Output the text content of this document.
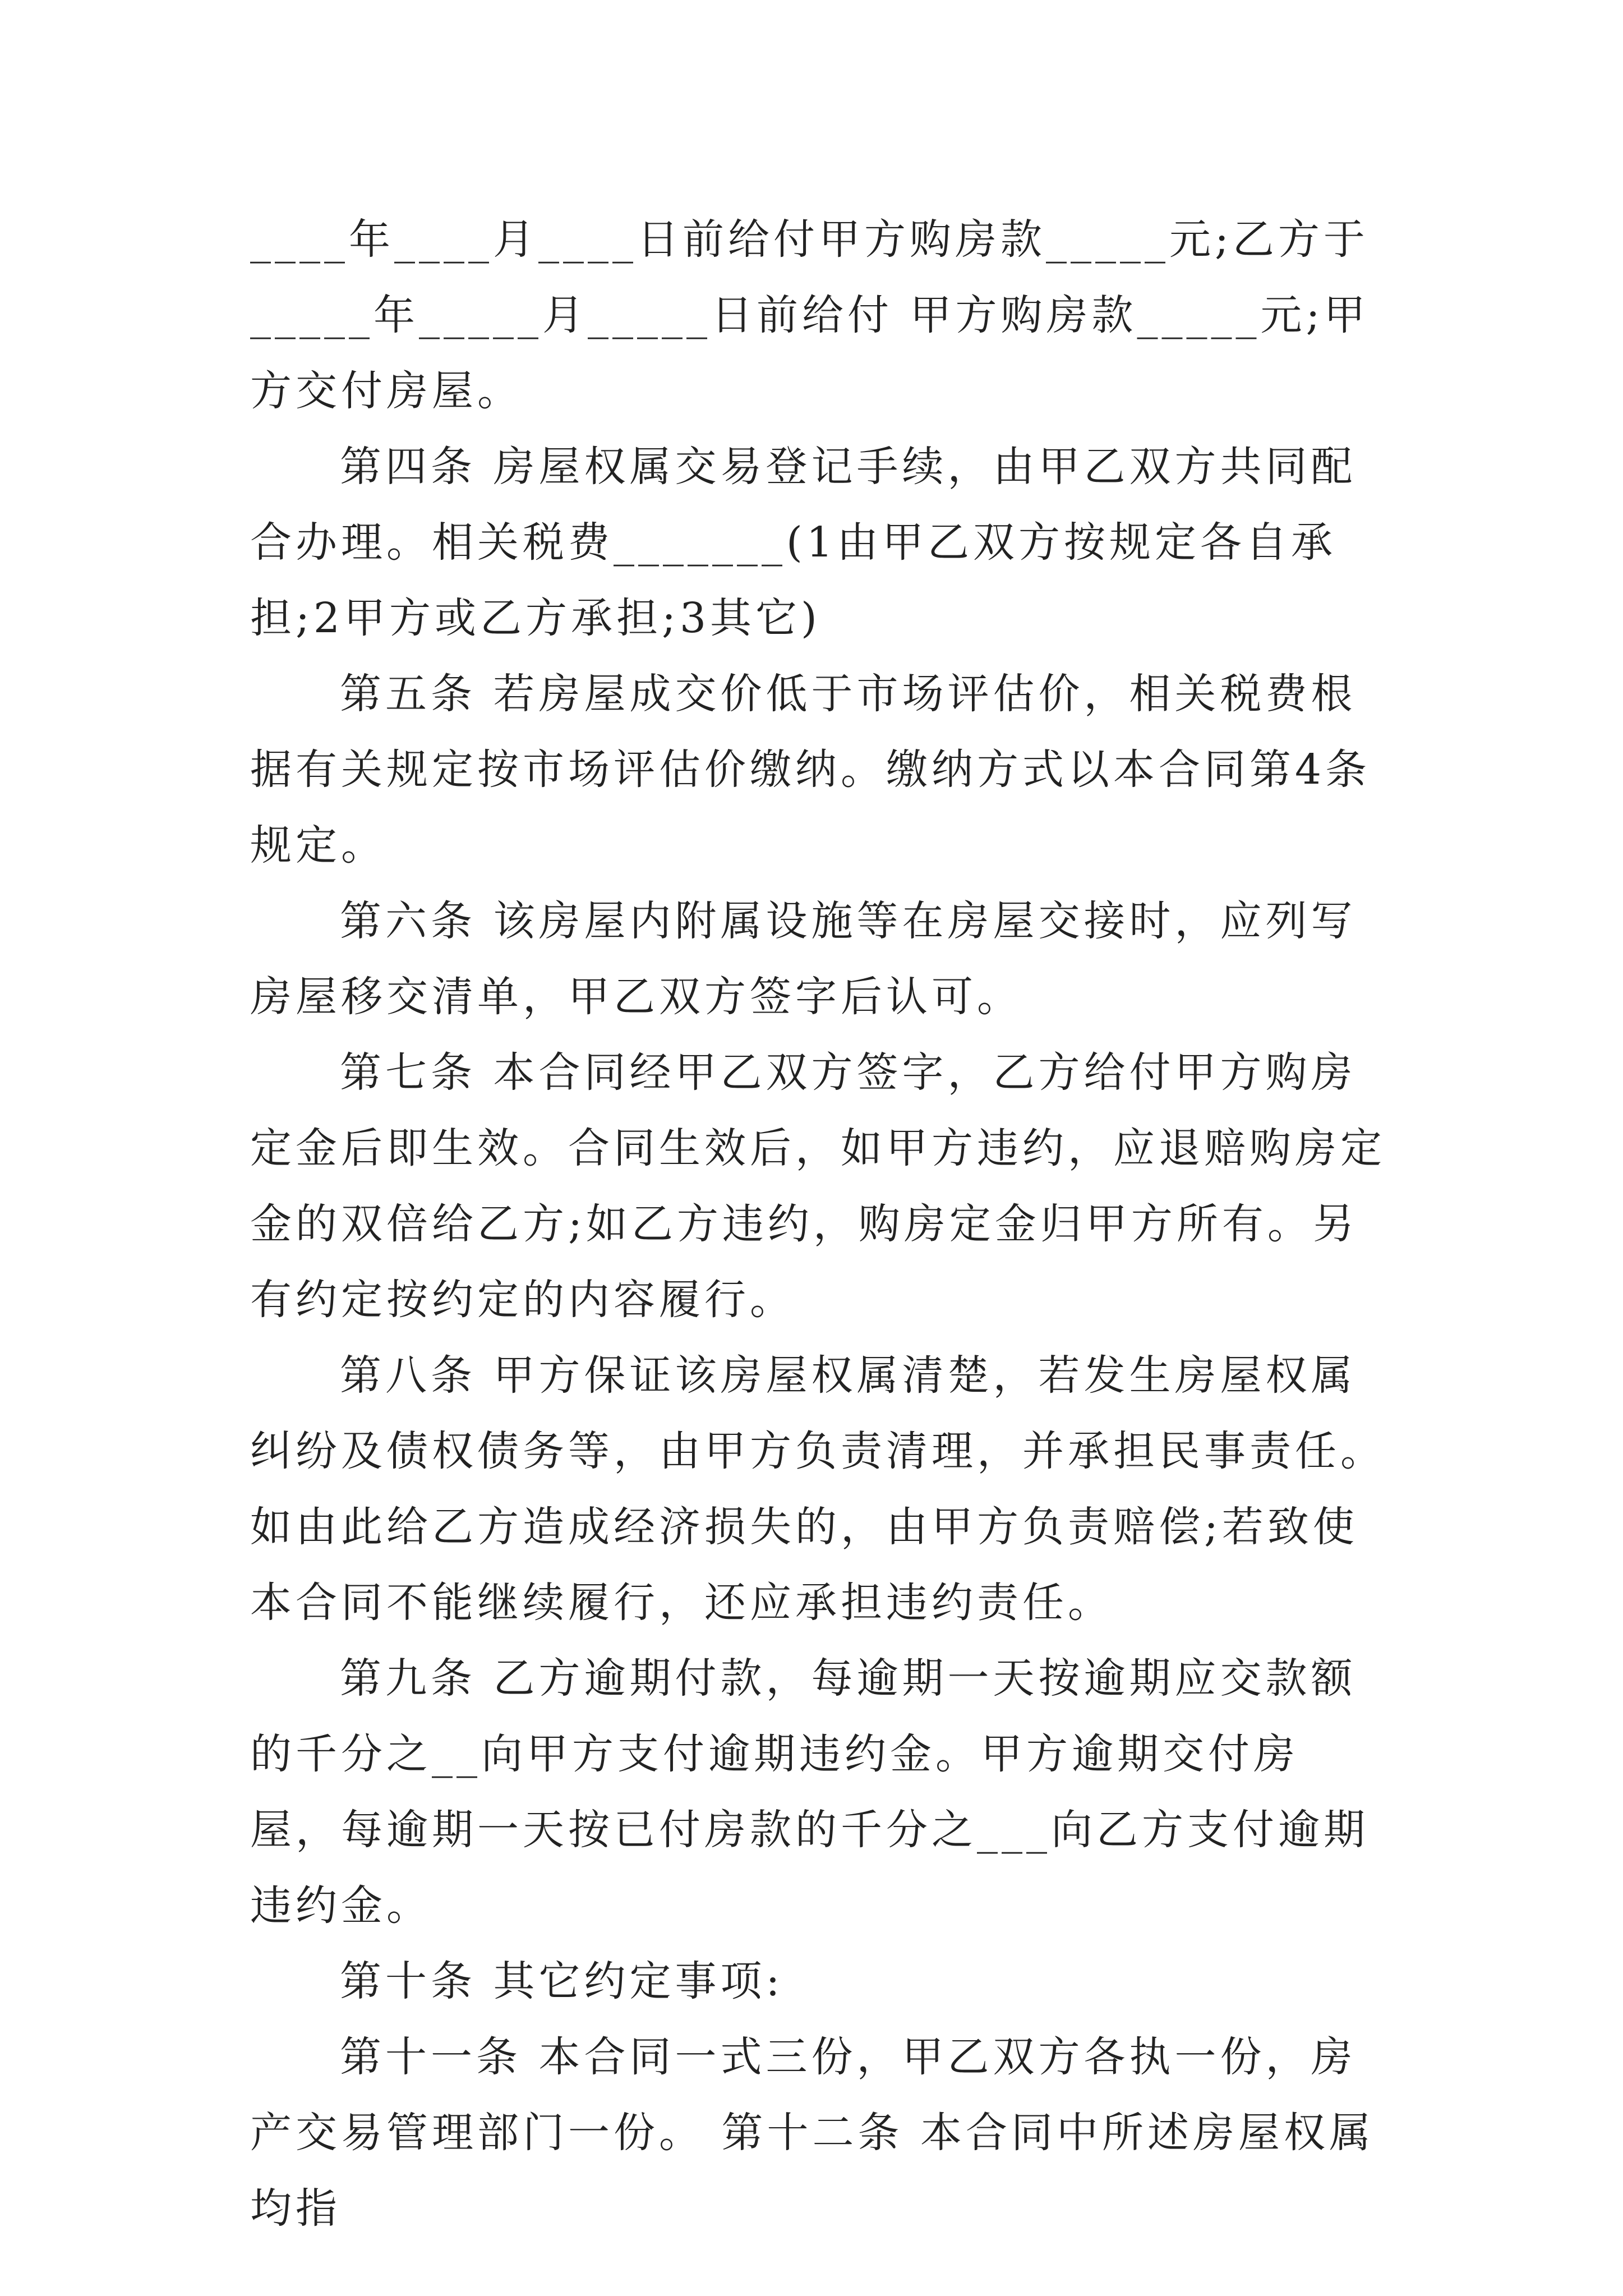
____年____月____日前给付甲方购房款_____元;乙方于_____年_____月_____日前给付 甲方购房款_____元;甲方交付房屋。

第四条 房屋权属交易登记手续，由甲乙双方共同配合办理。相关税费_______(1由甲乙双方按规定各自承担;2甲方或乙方承担;3其它)

第五条 若房屋成交价低于市场评估价，相关税费根据有关规定按市场评估价缴纳。缴纳方式以本合同第4条规定。

第六条 该房屋内附属设施等在房屋交接时，应列写房屋移交清单，甲乙双方签字后认可。

第七条 本合同经甲乙双方签字，乙方给付甲方购房定金后即生效。合同生效后，如甲方违约，应退赔购房定金的双倍给乙方;如乙方违约，购房定金归甲方所有。另有约定按约定的内容履行。

第八条 甲方保证该房屋权属清楚，若发生房屋权属纠纷及债权债务等，由甲方负责清理，并承担民事责任。如由此给乙方造成经济损失的，由甲方负责赔偿;若致使本合同不能继续履行，还应承担违约责任。

第九条 乙方逾期付款，每逾期一天按逾期应交款额的千分之__向甲方支付逾期违约金。甲方逾期交付房屋，每逾期一天按已付房款的千分之___向乙方支付逾期违约金。

第十条 其它约定事项:

第十一条 本合同一式三份，甲乙双方各执一份，房产交易管理部门一份。 第十二条 本合同中所述房屋权属均指
